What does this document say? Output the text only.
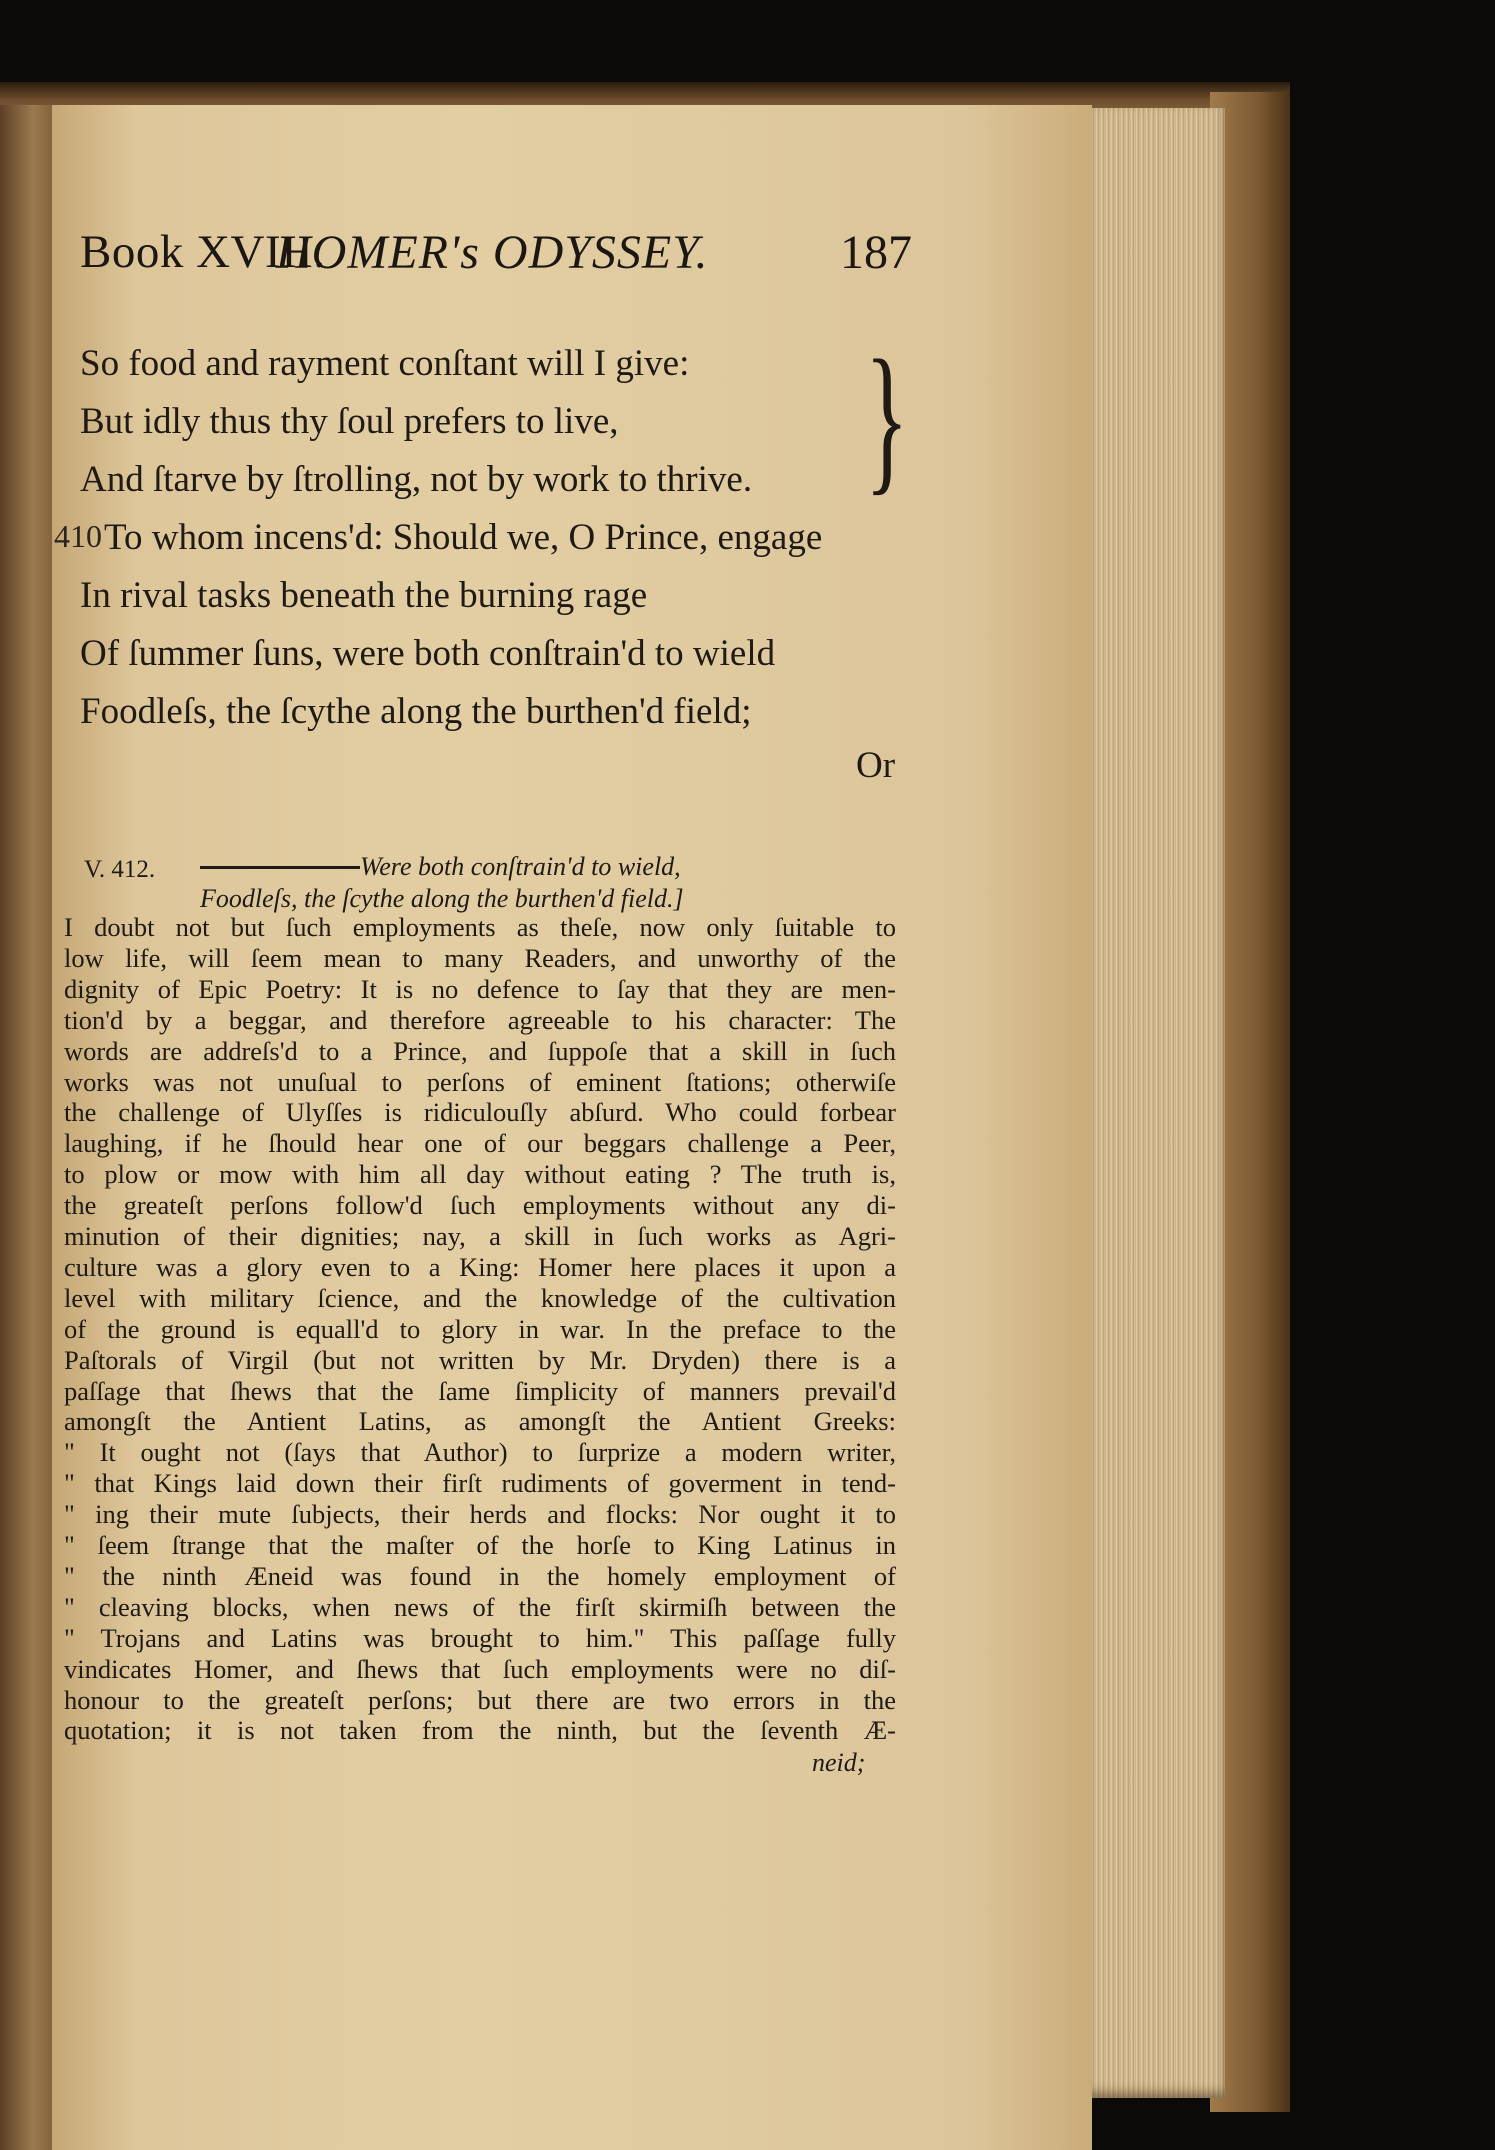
Book XVIII.
HOMER's ODYSSEY.	187
So food and rayment conſtant will I give:
But idly thus thy ſoul prefers to live,
And ſtarve by ſtrolling, not by work to thrive.
410 To whom incens'd: Should we, O Prince, engage
In rival tasks beneath the burning rage
Of ſummer ſuns, were both conſtrain'd to wield
Foodleſs, the ſcythe along the burthen'd field;
}
Or
V. 412.	Were both conſtrain'd to wield,
Foodleſs, the ſcythe along the burthen'd field.]
I doubt not but ſuch employments as theſe, now only ſuitable to
low life, will ſeem mean to many Readers, and unworthy of the
dignity of Epic Poetry: It is no defence to ſay that they are men-
tion'd by a beggar, and therefore agreeable to his character: The
words are addreſs'd to a Prince, and ſuppoſe that a skill in ſuch
works was not unuſual to perſons of eminent ſtations; otherwiſe
the challenge of Ulyſſes is ridiculouſly abſurd. Who could forbear
laughing, if he ſhould hear one of our beggars challenge a Peer,
to plow or mow with him all day without eating ? The truth is,
the greateſt perſons follow'd ſuch employments without any di-
minution of their dignities; nay, a skill in ſuch works as Agri-
culture was a glory even to a King: Homer here places it upon a
level with military ſcience, and the knowledge of the cultivation
of the ground is equall'd to glory in war. In the preface to the
Paſtorals of Virgil (but not written by Mr. Dryden) there is a
paſſage that ſhews that the ſame ſimplicity of manners prevail'd
amongſt the Antient Latins, as amongſt the Antient Greeks:
" It ought not (ſays that Author) to ſurprize a modern writer,
" that Kings laid down their firſt rudiments of goverment in tend-
" ing their mute ſubjects, their herds and flocks: Nor ought it to
" ſeem ſtrange that the maſter of the horſe to King Latinus in
" the ninth Æneid was found in the homely employment of
" cleaving blocks, when news of the firſt skirmiſh between the
" Trojans and Latins was brought to him." This paſſage fully
vindicates Homer, and ſhews that ſuch employments were no diſ-
honour to the greateſt perſons; but there are two errors in the
quotation; it is not taken from the ninth, but the ſeventh Æ-
neid;
